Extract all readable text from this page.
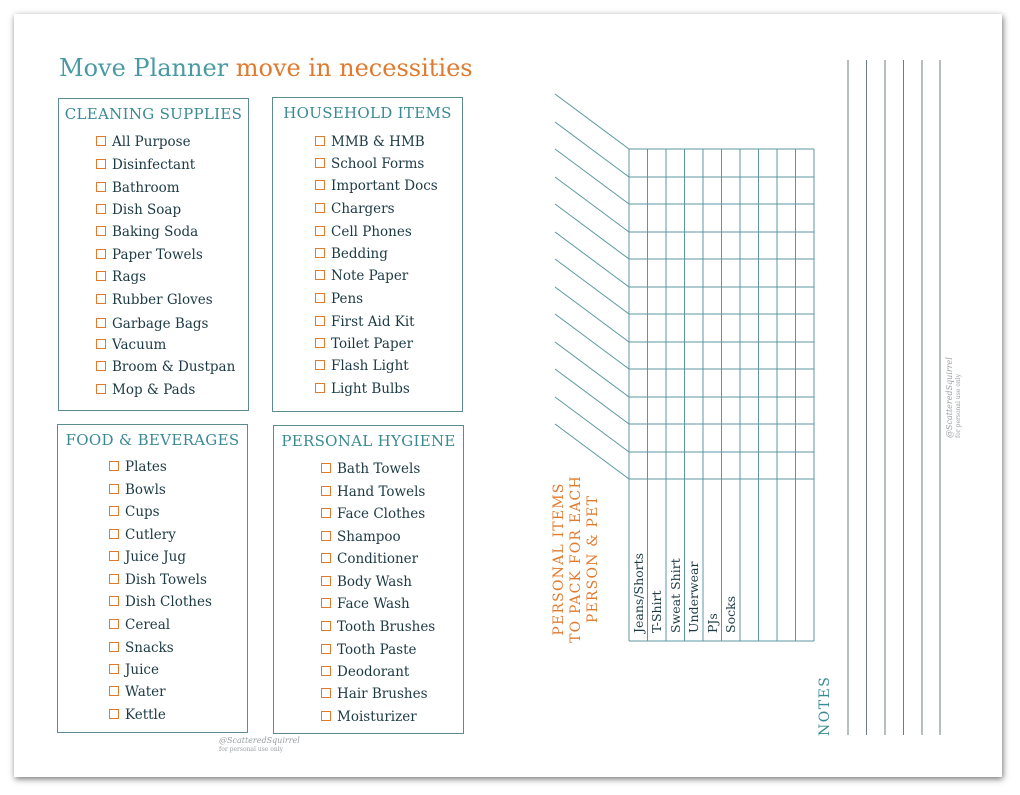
Move Planner move in necessities
CLEANING SUPPLIES	HOUSEHOLD ITEMS
FOOD & BEVERAGES	PERSONAL HYGIENE
All Purpose
Disinfectant
Bathroom
Dish Soap
Baking Soda
Paper Towels
Rags
Rubber Gloves
Garbage Bags
Vacuum
Broom & Dustpan
Mop & Pads
MMB & HMB
School Forms
Important Docs
Chargers
Cell Phones
Bedding
Note Paper
Pens
First Aid Kit
Toilet Paper
Flash Light
Light Bulbs
Plates
Bowls
Cups
Cutlery
Juice Jug
Dish Towels
Dish Clothes
Cereal
Snacks
Juice
Water
Kettle
Bath Towels
Hand Towels
Face Clothes
Shampoo
Conditioner
Body Wash
Face Wash
Tooth Brushes
Tooth Paste
Deodorant
Hair Brushes
Moisturizer
Jeans/Shorts T-Shirt Sweat Shirt Underwear PJs Socks
PERSONAL ITEMS TO PACK FOR EACH PERSON & PET
NOTES
@ScatteredSquirrel
for personal use only
@ScatteredSquirrel for personal use only
